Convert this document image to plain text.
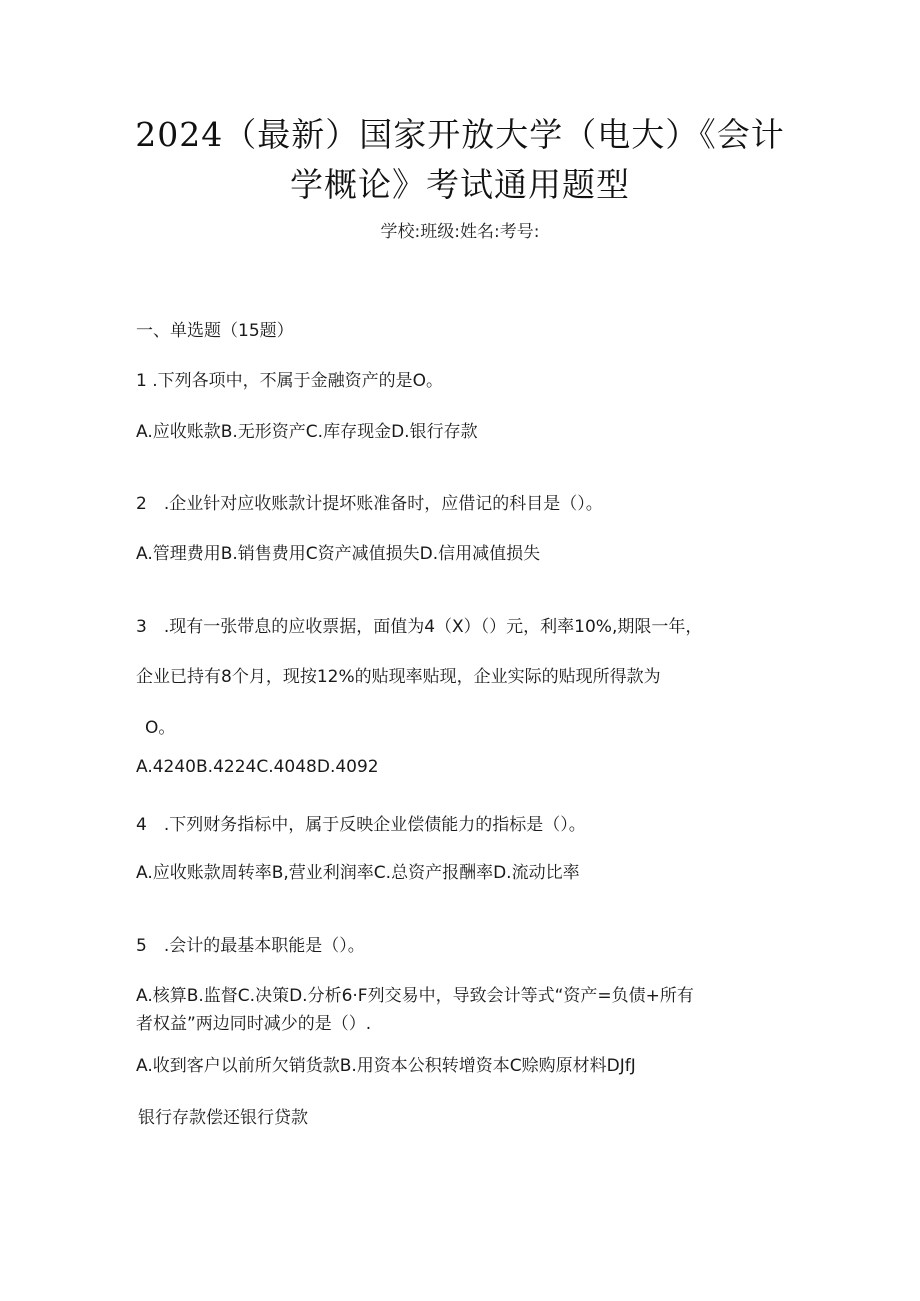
2024（最新）国家开放大学（电大）《会计
学概论》考试通用题型
学校:班级:姓名:考号:
一、单选题（15题）
1 .下列各项中，不属于金融资产的是O。
A.应收账款B.无形资产C.库存现金D.银行存款
2　.企业针对应收账款计提坏账准备时，应借记的科目是（）。
A.管理费用B.销售费用C资产减值损失D.信用减值损失
3　.现有一张带息的应收票据，面值为4（X）（）元，利率10%,期限一年，
企业已持有8个月，现按12%的贴现率贴现，企业实际的贴现所得款为
O。
A.4240B.4224C.4048D.4092
4　.下列财务指标中，属于反映企业偿债能力的指标是（）。
A.应收账款周转率B,营业利润率C.总资产报酬率D.流动比率
5　.会计的最基本职能是（）。
A.核算B.监督C.决策D.分析6·F列交易中，导致会计等式“资产=负债+所有
者权益”两边同时减少的是（）.
A.收到客户以前所欠销货款B.用资本公积转增资本C赊购原材料DJfJ
银行存款偿还银行贷款
